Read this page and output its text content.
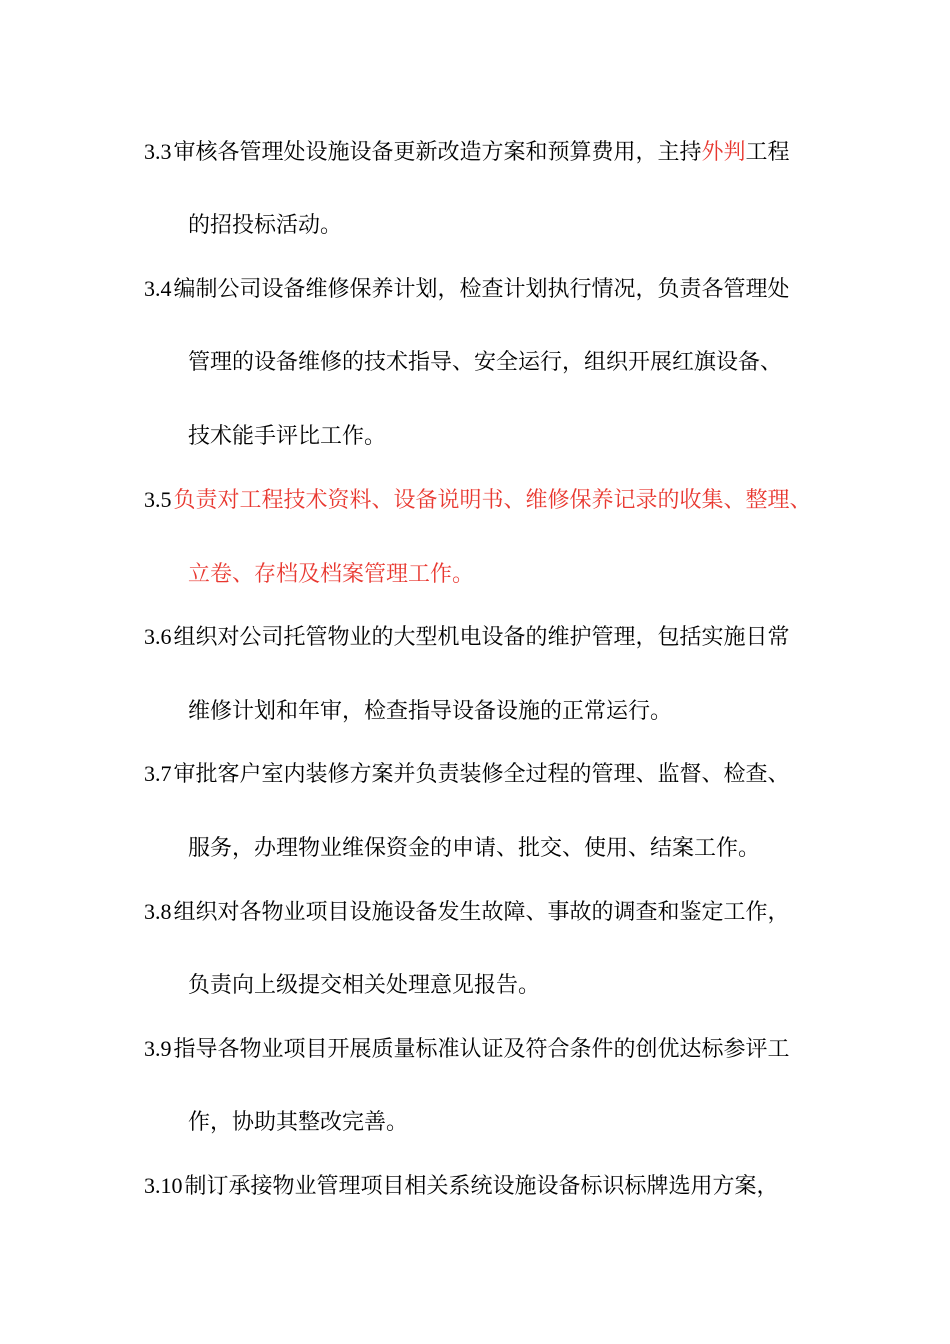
3.3审核各管理处设施设备更新改造方案和预算费用，主持外判工程
的招投标活动。
3.4编制公司设备维修保养计划，检查计划执行情况，负责各管理处
管理的设备维修的技术指导、安全运行，组织开展红旗设备、
技术能手评比工作。
3.5负责对工程技术资料、设备说明书、维修保养记录的收集、整理、
立卷、存档及档案管理工作。
3.6组织对公司托管物业的大型机电设备的维护管理，包括实施日常
维修计划和年审，检查指导设备设施的正常运行。
3.7审批客户室内装修方案并负责装修全过程的管理、监督、检查、
服务，办理物业维保资金的申请、批交、使用、结案工作。
3.8组织对各物业项目设施设备发生故障、事故的调查和鉴定工作，
负责向上级提交相关处理意见报告。
3.9指导各物业项目开展质量标准认证及符合条件的创优达标参评工
作，协助其整改完善。
3.10制订承接物业管理项目相关系统设施设备标识标牌选用方案，
